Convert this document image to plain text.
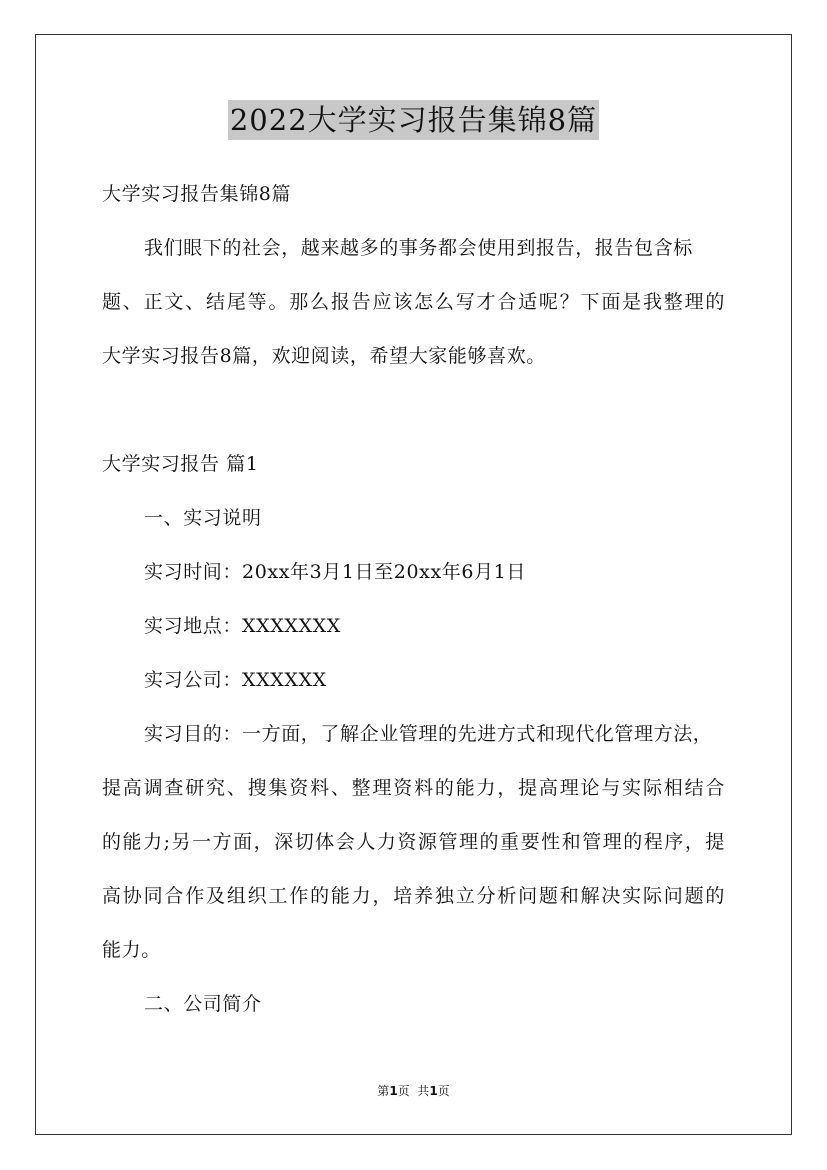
2022大学实习报告集锦8篇
大学实习报告集锦8篇
我们眼下的社会，越来越多的事务都会使用到报告，报告包含标
题、正文、结尾等。那么报告应该怎么写才合适呢？下面是我整理的
大学实习报告8篇，欢迎阅读，希望大家能够喜欢。
大学实习报告 篇1
一、实习说明
实习时间：20xx年3月1日至20xx年6月1日
实习地点：XXXXXXX
实习公司：XXXXXX
实习目的：一方面，了解企业管理的先进方式和现代化管理方法，
提高调查研究、搜集资料、整理资料的能力，提高理论与实际相结合
的能力;另一方面，深切体会人力资源管理的重要性和管理的程序，提
高协同合作及组织工作的能力，培养独立分析问题和解决实际问题的
能力。
二、公司简介
第1页  共1页
